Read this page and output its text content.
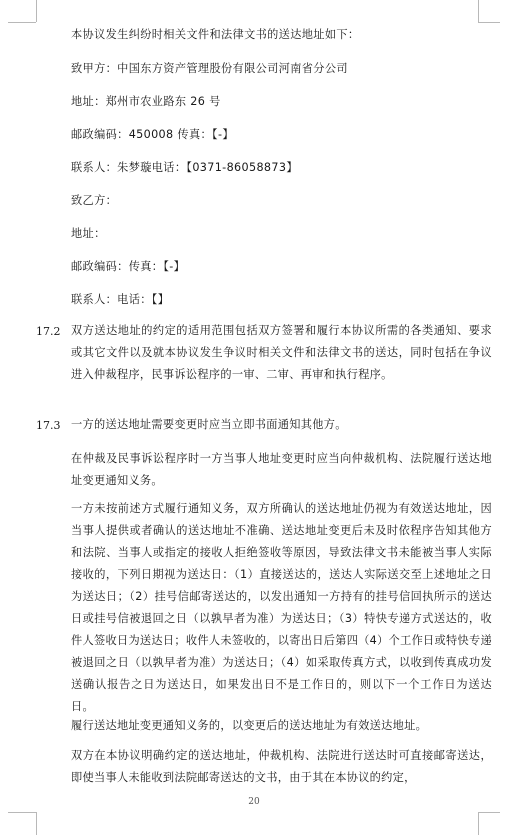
本协议发生纠纷时相关文件和法律文书的送达地址如下：
致甲方：中国东方资产管理股份有限公司河南省分公司
地址：郑州市农业路东 26 号
邮政编码：450008 传真：【-】
联系人：朱梦璇电话：【0371-86058873】
致乙方：
地址：
邮政编码：传真：【-】
联系人：电话：【】
17.2 双方送达地址的约定的适用范围包括双方签署和履行本协议所需的各类通知、要求或其它文件以及就本协议发生争议时相关文件和法律文书的送达，同时包括在争议进入仲裁程序，民事诉讼程序的一审、二审、再审和执行程序。
17.3 一方的送达地址需要变更时应当立即书面通知其他方。
在仲裁及民事诉讼程序时一方当事人地址变更时应当向仲裁机构、法院履行送达地址变更通知义务。
一方未按前述方式履行通知义务，双方所确认的送达地址仍视为有效送达地址，因当事人提供或者确认的送达地址不准确、送达地址变更后未及时依程序告知其他方和法院、当事人或指定的接收人拒绝签收等原因，导致法律文书未能被当事人实际接收的，下列日期视为送达日：（1）直接送达的，送达人实际送交至上述地址之日为送达日；（2）挂号信邮寄送达的，以发出通知一方持有的挂号信回执所示的送达日或挂号信被退回之日（以孰早者为准）为送达日；（3）特快专递方式送达的，收件人签收日为送达日；收件人未签收的，以寄出日后第四（4）个工作日或特快专递被退回之日（以孰早者为准）为送达日；（4）如采取传真方式，以收到传真成功发送确认报告之日为送达日，如果发出日不是工作日的，则以下一个工作日为送达日。
履行送达地址变更通知义务的，以变更后的送达地址为有效送达地址。
双方在本协议明确约定的送达地址，仲裁机构、法院进行送达时可直接邮寄送达，即使当事人未能收到法院邮寄送达的文书，由于其在本协议的约定，
20
